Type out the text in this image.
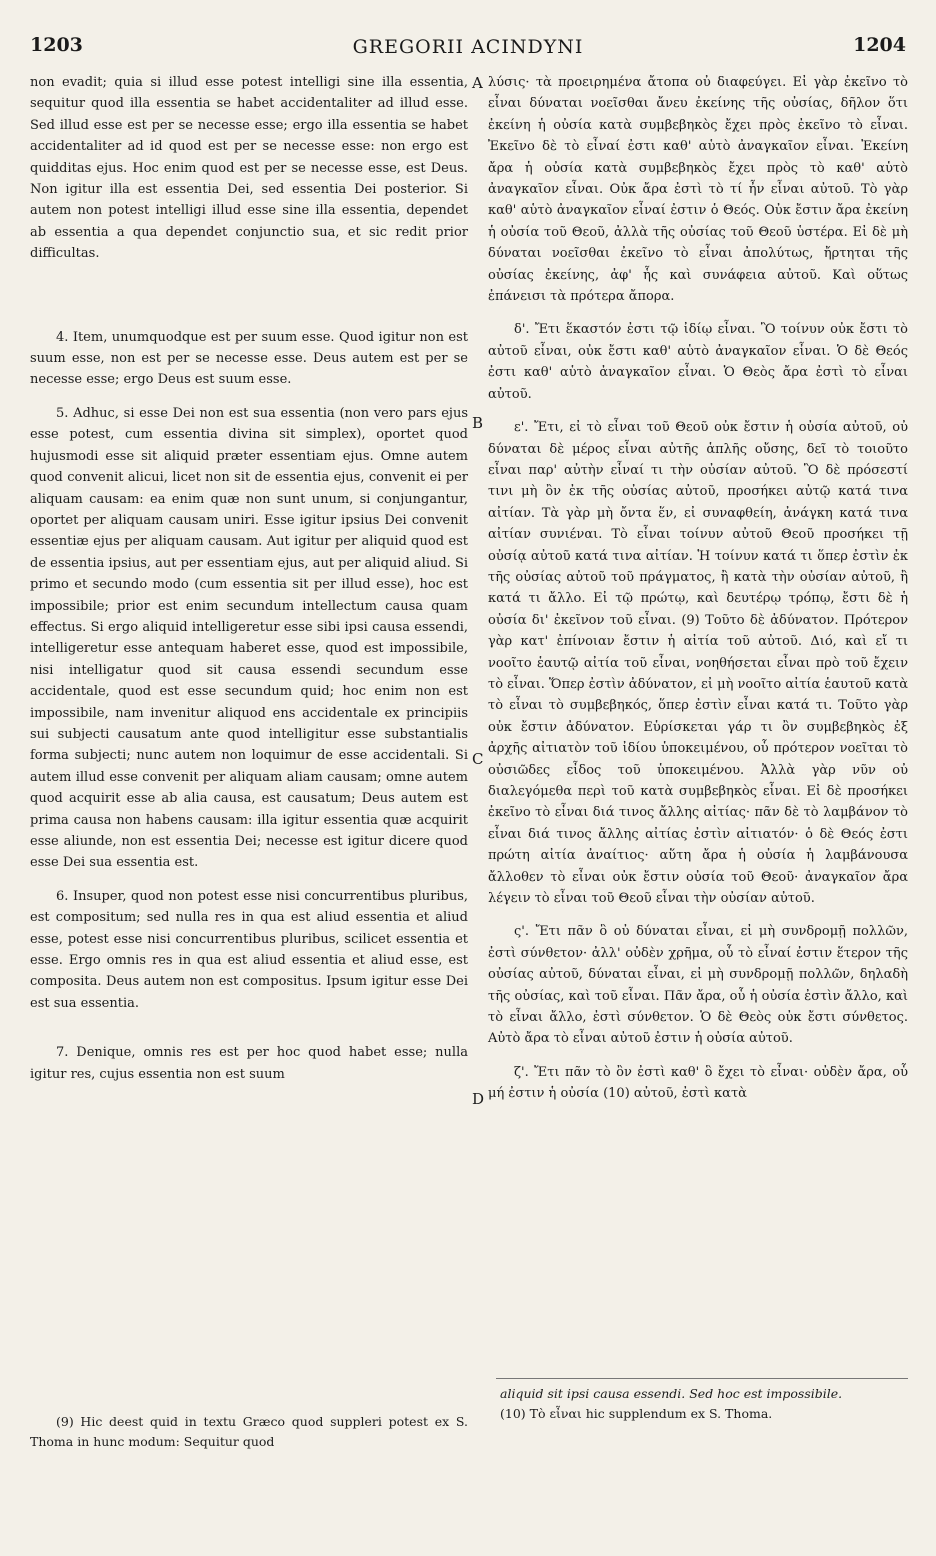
1203	GREGORII ACINDYNI	1204

non evadit; quia si illud esse potest intelligi sine illa essentia, sequitur quod illa essentia se habet accidentaliter ad illud esse. Sed illud esse est per se necesse esse; ergo illa essentia se habet accidentaliter ad id quod est per se necesse esse: non ergo est quidditas ejus. Hoc enim quod est per se necesse esse, est Deus. Non igitur illa est essentia Dei, sed essentia Dei posterior. Si autem non potest intelligi illud esse sine illa essentia, dependet ab essentia a qua dependet conjunctio sua, et sic redit prior difficultas.

4. Item, unumquodque est per suum esse. Quod igitur non est suum esse, non est per se necesse esse. Deus autem est per se necesse esse; ergo Deus est suum esse.

5. Adhuc, si esse Dei non est sua essentia (non vero pars ejus esse potest, cum essentia divina sit simplex), oportet quod hujusmodi esse sit aliquid præter essentiam ejus. Omne autem quod convenit alicui, licet non sit de essentia ejus, convenit ei per aliquam causam: ea enim quæ non sunt unum, si conjungantur, oportet per aliquam causam uniri. Esse igitur ipsius Dei convenit essentiæ ejus per aliquam causam. Aut igitur per aliquid quod est de essentia ipsius, aut per essentiam ejus, aut per aliquid aliud. Si primo et secundo modo (cum essentia sit per illud esse), hoc est impossibile; prior est enim secundum intellectum causa quam effectus. Si ergo aliquid intelligeretur esse sibi ipsi causa essendi, intelligeretur esse antequam haberet esse, quod est impossibile, nisi intelligatur quod sit causa essendi secundum esse accidentale, quod est esse secundum quid; hoc enim non est impossibile, nam invenitur aliquod ens accidentale ex principiis sui subjecti causatum ante quod intelligitur esse substantialis forma subjecti; nunc autem non loquimur de esse accidentali. Si autem illud esse convenit per aliquam aliam causam; omne autem quod acquirit esse ab alia causa, est causatum; Deus autem est prima causa non habens causam: illa igitur essentia quæ acquirit esse aliunde, non est essentia Dei; necesse est igitur dicere quod esse Dei sua essentia est.

6. Insuper, quod non potest esse nisi concurrentibus pluribus, est compositum; sed nulla res in qua est aliud essentia et aliud esse, potest esse nisi concurrentibus pluribus, scilicet essentia et esse. Ergo omnis res in qua est aliud essentia et aliud esse, est composita. Deus autem non est compositus. Ipsum igitur esse Dei est sua essentia.

7. Denique, omnis res est per hoc quod habet esse; nulla igitur res, cujus essentia non est suum

A
B
C
D

λύσις· τὰ προειρημένα ἄτοπα οὐ διαφεύγει. Εἰ γὰρ ἐκεῖνο τὸ εἶναι δύναται νοεῖσθαι ἄνευ ἐκείνης τῆς οὐσίας, δῆλον ὅτι ἐκείνη ἡ οὐσία κατὰ συμβεβηκὸς ἔχει πρὸς ἐκεῖνο τὸ εἶναι. Ἐκεῖνο δὲ τὸ εἶναί ἐστι καθ' αὑτὸ ἀναγκαῖον εἶναι. Ἐκείνη ἄρα ἡ οὐσία κατὰ συμβεβηκὸς ἔχει πρὸς τὸ καθ' αὑτὸ ἀναγκαῖον εἶναι. Οὐκ ἄρα ἐστὶ τὸ τί ἦν εἶναι αὐτοῦ. Τὸ γὰρ καθ' αὑτὸ ἀναγκαῖον εἶναί ἐστιν ὁ Θεός. Οὐκ ἔστιν ἄρα ἐκείνη ἡ οὐσία τοῦ Θεοῦ, ἀλλὰ τῆς οὐσίας τοῦ Θεοῦ ὑστέρα. Εἰ δὲ μὴ δύναται νοεῖσθαι ἐκεῖνο τὸ εἶναι ἀπολύτως, ἤρτηται τῆς οὐσίας ἐκείνης, ἀφ' ἧς καὶ συνάφεια αὐτοῦ. Καὶ οὕτως ἐπάνεισι τὰ πρότερα ἄπορα.

δ'. Ἔτι ἕκαστόν ἐστι τῷ ἰδίῳ εἶναι. Ὃ τοίνυν οὐκ ἔστι τὸ αὐτοῦ εἶναι, οὐκ ἔστι καθ' αὑτὸ ἀναγκαῖον εἶναι. Ὁ δὲ Θεός ἐστι καθ' αὑτὸ ἀναγκαῖον εἶναι. Ὁ Θεὸς ἄρα ἐστὶ τὸ εἶναι αὐτοῦ.

ε'. Ἔτι, εἰ τὸ εἶναι τοῦ Θεοῦ οὐκ ἔστιν ἡ οὐσία αὐτοῦ, οὐ δύναται δὲ μέρος εἶναι αὐτῆς ἁπλῆς οὔσης, δεῖ τὸ τοιοῦτο εἶναι παρ' αὐτὴν εἶναί τι τὴν οὐσίαν αὐτοῦ. Ὃ δὲ πρόσεστί τινι μὴ ὂν ἐκ τῆς οὐσίας αὐτοῦ, προσήκει αὐτῷ κατά τινα αἰτίαν. Τὰ γὰρ μὴ ὄντα ἕν, εἰ συναφθείη, ἀνάγκη κατά τινα αἰτίαν συνιέναι. Τὸ εἶναι τοίνυν αὐτοῦ Θεοῦ προσήκει τῇ οὐσίᾳ αὐτοῦ κατά τινα αἰτίαν. Ἡ τοίνυν κατά τι ὅπερ ἐστὶν ἐκ τῆς οὐσίας αὐτοῦ τοῦ πράγματος, ἢ κατὰ τὴν οὐσίαν αὐτοῦ, ἢ κατά τι ἄλλο. Εἰ τῷ πρώτῳ, καὶ δευτέρῳ τρόπῳ, ἔστι δὲ ἡ οὐσία δι' ἐκεῖνον τοῦ εἶναι. (9) Τοῦτο δὲ ἀδύνατον. Πρότερον γὰρ κατ' ἐπίνοιαν ἔστιν ἡ αἰτία τοῦ αὐτοῦ. Διό, καὶ εἴ τι νοοῖτο ἑαυτῷ αἰτία τοῦ εἶναι, νοηθήσεται εἶναι πρὸ τοῦ ἔχειν τὸ εἶναι. Ὅπερ ἐστὶν ἀδύνατον, εἰ μὴ νοοῖτο αἰτία ἑαυτοῦ κατὰ τὸ εἶναι τὸ συμβεβηκός, ὅπερ ἐστὶν εἶναι κατά τι. Τοῦτο γὰρ οὐκ ἔστιν ἀδύνατον. Εὑρίσκεται γάρ τι ὂν συμβεβηκὸς ἐξ ἀρχῆς αἰτιατὸν τοῦ ἰδίου ὑποκειμένου, οὗ πρότερον νοεῖται τὸ οὐσιῶδες εἶδος τοῦ ὑποκειμένου. Ἀλλὰ γὰρ νῦν οὐ διαλεγόμεθα περὶ τοῦ κατὰ συμβεβηκὸς εἶναι. Εἰ δὲ προσήκει ἐκεῖνο τὸ εἶναι διά τινος ἄλλης αἰτίας· πᾶν δὲ τὸ λαμβάνον τὸ εἶναι διά τινος ἄλλης αἰτίας ἐστὶν αἰτιατόν· ὁ δὲ Θεός ἐστι πρώτη αἰτία ἀναίτιος· αὕτη ἄρα ἡ οὐσία ἡ λαμβάνουσα ἄλλοθεν τὸ εἶναι οὐκ ἔστιν οὐσία τοῦ Θεοῦ· ἀναγκαῖον ἄρα λέγειν τὸ εἶναι τοῦ Θεοῦ εἶναι τὴν οὐσίαν αὐτοῦ.

ς'. Ἔτι πᾶν ὃ οὐ δύναται εἶναι, εἰ μὴ συνδρομῇ πολλῶν, ἐστὶ σύνθετον· ἀλλ' οὐδὲν χρῆμα, οὗ τὸ εἶναί ἐστιν ἕτερον τῆς οὐσίας αὐτοῦ, δύναται εἶναι, εἰ μὴ συνδρομῇ πολλῶν, δηλαδὴ τῆς οὐσίας, καὶ τοῦ εἶναι. Πᾶν ἄρα, οὗ ἡ οὐσία ἐστὶν ἄλλο, καὶ τὸ εἶναι ἄλλο, ἐστὶ σύνθετον. Ὁ δὲ Θεὸς οὐκ ἔστι σύνθετος. Αὐτὸ ἄρα τὸ εἶναι αὐτοῦ ἐστιν ἡ οὐσία αὐτοῦ.

ζ'. Ἔτι πᾶν τὸ ὂν ἐστὶ καθ' ὃ ἔχει τὸ εἶναι· οὐδὲν ἄρα, οὗ μή ἐστιν ἡ οὐσία (10) αὐτοῦ, ἐστὶ κατὰ

(9) Hic deest quid in textu Græco quod suppleri potest ex S. Thoma in hunc modum: Sequitur quod

aliquid sit ipsi causa essendi. Sed hoc est impossibile.

(10) Τὸ εἶναι hic supplendum ex S. Thoma.
